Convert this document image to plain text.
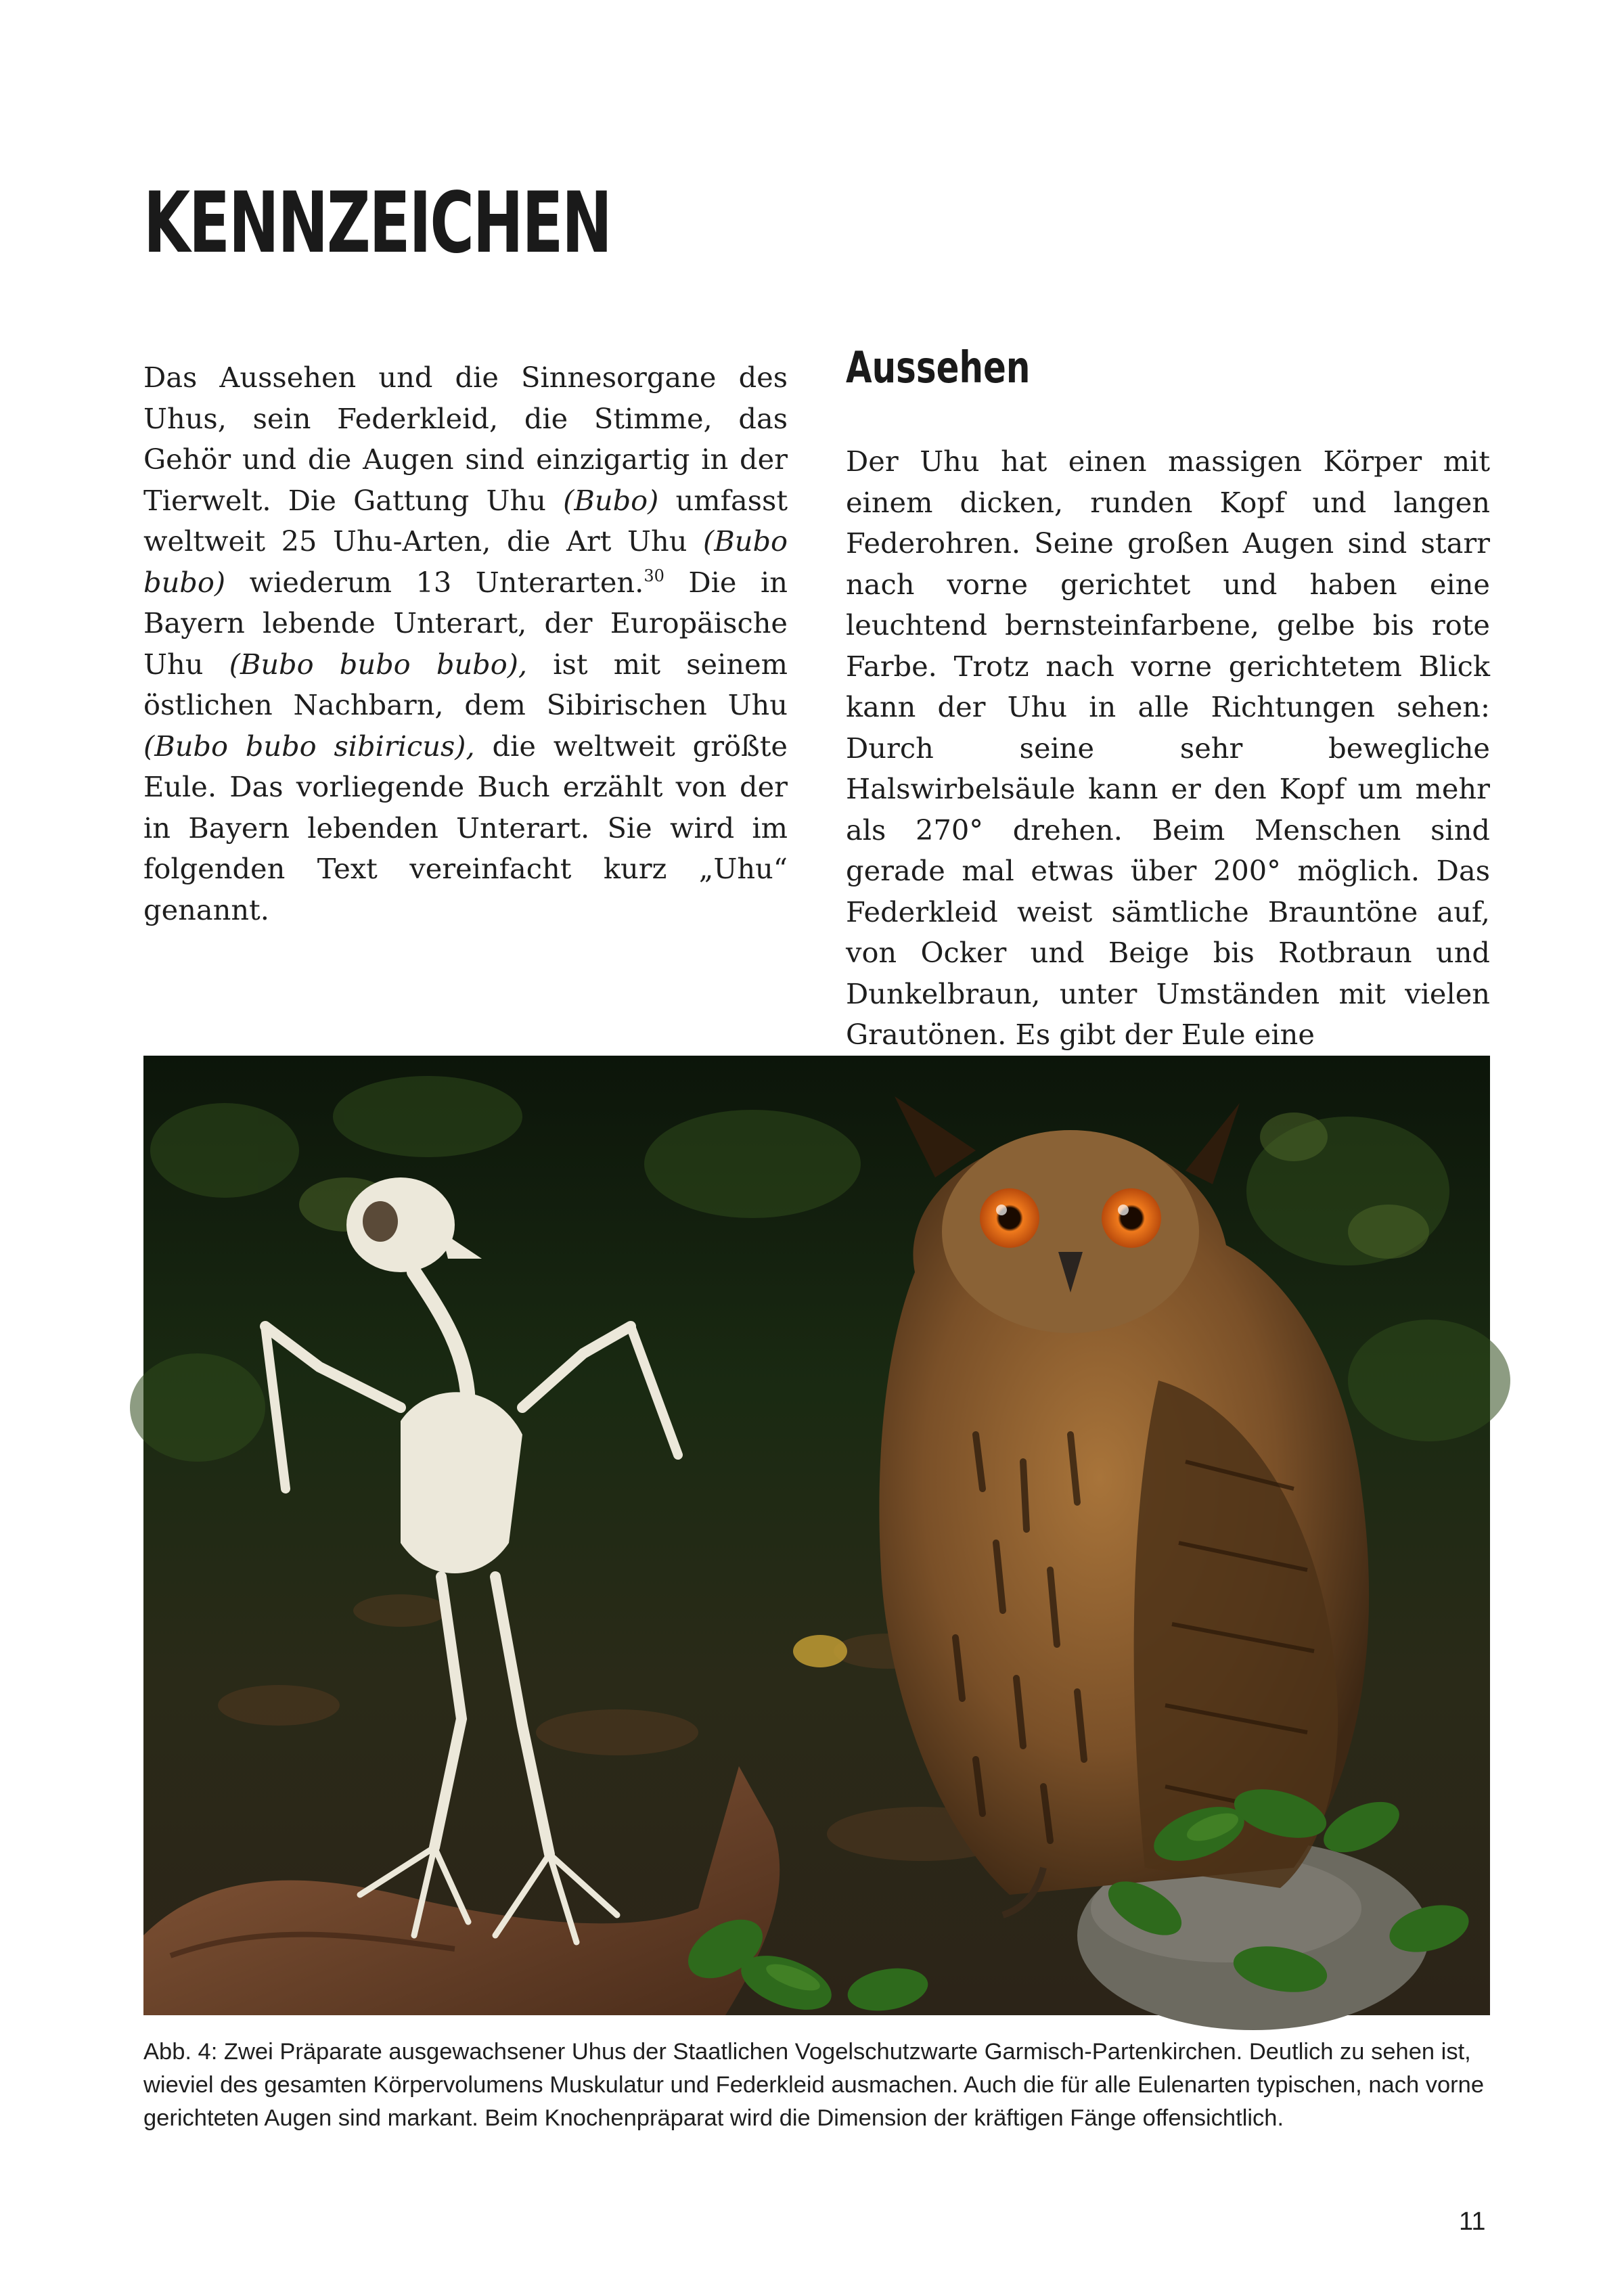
KENNZEICHEN

Das Aussehen und die Sinnesorgane des Uhus, sein Federkleid, die Stimme, das Gehör und die Augen sind einzigartig in der Tierwelt. Die Gattung Uhu (Bubo) umfasst weltweit 25 Uhu-Arten, die Art Uhu (Bubo bubo) wiederum 13 Unterarten.$^{30}$ Die in Bayern lebende Unterart, der Europäische Uhu (Bubo bubo bubo), ist mit seinem östlichen Nachbarn, dem Sibirischen Uhu (Bubo bubo sibiricus), die weltweit größte Eule. Das vorliegende Buch erzählt von der in Bayern lebenden Unterart. Sie wird im folgenden Text vereinfacht kurz „Uhu“ genannt.

Aussehen

Der Uhu hat einen massigen Körper mit einem dicken, runden Kopf und langen Federohren. Seine großen Augen sind starr nach vorne gerichtet und haben eine leuchtend bernsteinfarbene, gelbe bis rote Farbe. Trotz nach vorne gerichtetem Blick kann der Uhu in alle Richtungen sehen: Durch seine sehr bewegliche Halswirbelsäule kann er den Kopf um mehr als 270° drehen. Beim Menschen sind gerade mal etwas über 200° möglich. Das Federkleid weist sämtliche Brauntöne auf, von Ocker und Beige bis Rotbraun und Dunkelbraun, unter Umständen mit vielen Grautönen. Es gibt der Eule eine

Abb. 4: Zwei Präparate ausgewachsener Uhus der Staatlichen Vogelschutzwarte Garmisch-Partenkirchen. Deutlich zu sehen ist, wieviel des gesamten Körpervolumens Muskulatur und Federkleid ausmachen. Auch die für alle Eulenarten typischen, nach vorne gerichteten Augen sind markant. Beim Knochenpräparat wird die Dimension der kräftigen Fänge offensichtlich.

11
